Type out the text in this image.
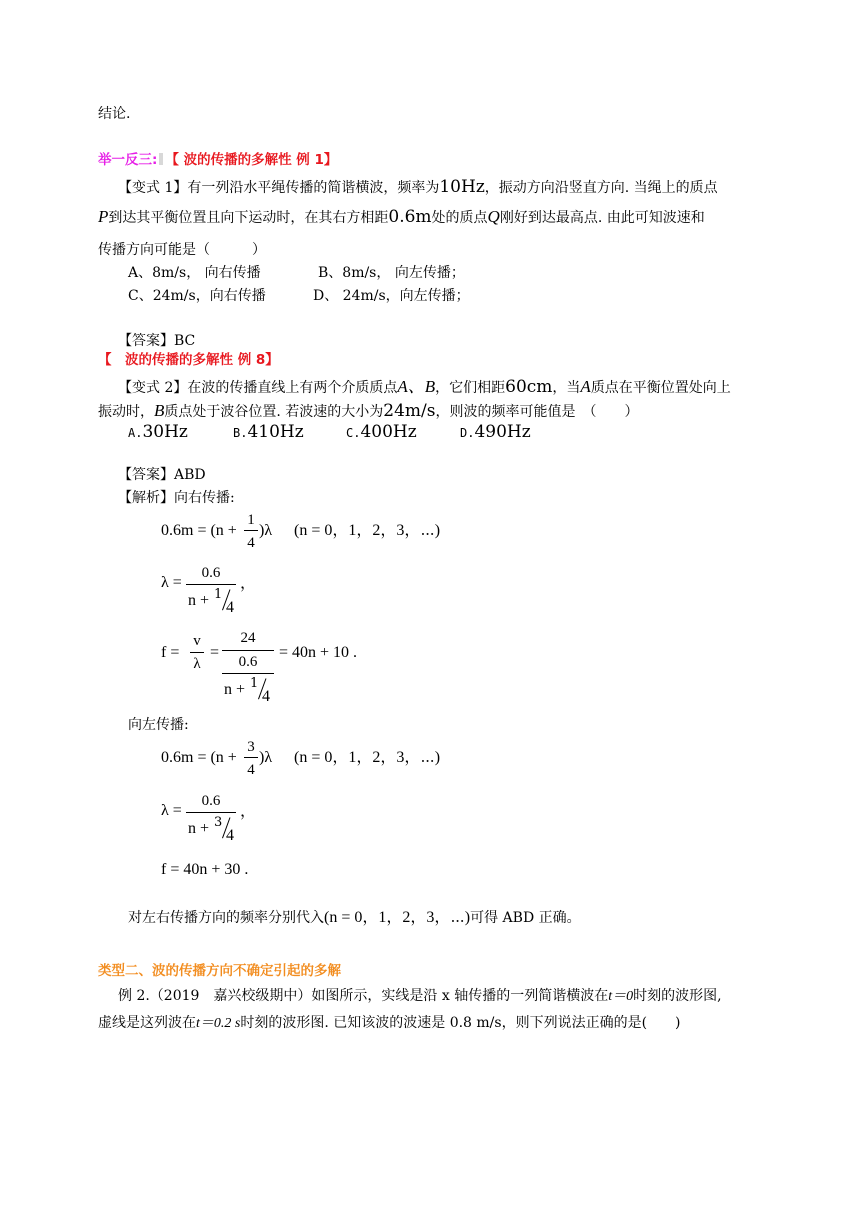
结论.
举一反三: 【 波的传播的多解性 例 1】
【变式 1】有一列沿水平绳传播的简谐横波，频率为10Hz，振动方向沿竖直方向. 当绳上的质点
P到达其平衡位置且向下运动时，在其右方相距0.6m处的质点Q刚好到达最高点. 由此可知波速和
传播方向可能是（　　　）
A、8m/s， 向右传播	B、8m/s， 向左传播；
C、24m/s，向右传播	D、 24m/s，向左传播；
【答案】BC
【　波的传播的多解性 例 8】
【变式 2】在波的传播直线上有两个介质质点A、B，它们相距60cm，当A质点在平衡位置处向上
振动时，B质点处于波谷位置. 若波速的大小为24m/s，则波的频率可能值是　（　　）
A.30Hz	B.410Hz	C.400Hz	D.490Hz
【答案】ABD
【解析】向右传播:
0.6m = (n +
1
4
)λ (n = 0，1，2，3，⋯)
λ =
0.6
n + 1
4
，
f =
v
λ
=
24
0.6
n + 1
4
= 40n + 10 .
向左传播:
0.6m = (n +
3
4
)λ (n = 0，1，2，3，⋯)
λ =
0.6
n + 3
4
，
f = 40n + 30 .
对左右传播方向的频率分别代入(n = 0，1，2，3，⋯)可得 ABD 正确。
类型二、波的传播方向不确定引起的多解
例 2.（2019　嘉兴校级期中）如图所示，实线是沿 x 轴传播的一列简谐横波在t＝0时刻的波形图,
虚线是这列波在t＝0.2 s时刻的波形图. 已知该波的波速是 0.8 m/s，则下列说法正确的是(　　)
